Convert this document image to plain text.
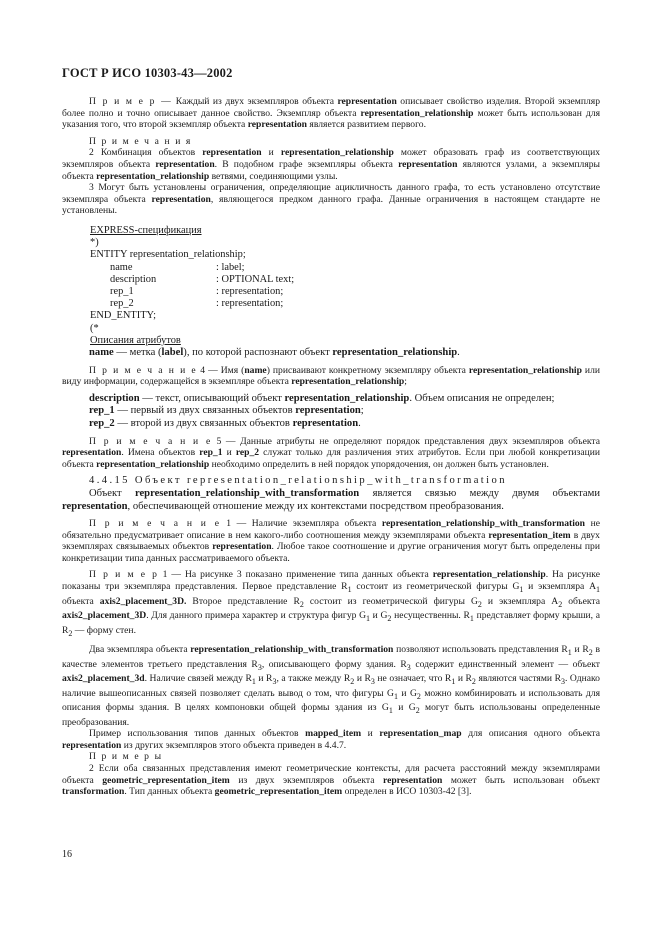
ГОСТ Р ИСО 10303-43—2002

П р и м е р — Каждый из двух экземпляров объекта representation описывает свойство изделия. Второй экземпляр более полно и точно описывает данное свойство. Экземпляр объекта representation_relationship может быть использован для указания того, что второй экземпляр объекта representation является развитием первого.

П р и м е ч а н и я

2 Комбинация объектов representation и representation_relationship может образовать граф из соответствующих экземпляров объекта representation. В подобном графе экземпляры объекта representation являются узлами, а экземпляры объекта representation_relationship ветвями, соединяющими узлы.

3 Могут быть установлены ограничения, определяющие ацикличность данного графа, то есть установлено отсутствие экземпляра объекта representation, являющегося предком данного графа. Данные ограничения в настоящем стандарте не установлены.

EXPRESS-спецификация
*)
ENTITY representation_relationship;
name	: label;
description	: OPTIONAL text;
rep_1	: representation;
rep_2	: representation;
END_ENTITY;
(*
Описания атрибутов

name — метка (label), по которой распознают объект representation_relationship.

П р и м е ч а н и е 4 — Имя (name) присваивают конкретному экземпляру объекта representation_relationship или виду информации, содержащейся в экземпляре объекта representation_relationship;

description — текст, описывающий объект representation_relationship. Объем описания не определен;

rep_1 — первый из двух связанных объектов representation;

rep_2 — второй из двух связанных объектов representation.

П р и м е ч а н и е 5 — Данные атрибуты не определяют порядок представления двух экземпляров объекта representation. Имена объектов rep_1 и rep_2 служат только для различения этих атрибутов. Если при любой конкретизации объекта representation_relationship необходимо определить в ней порядок упорядочения, он должен быть установлен.

4.4.15 Объект representation_relationship_with_transformation

Объект representation_relationship_with_transformation является связью между двумя объектами representation, обеспечивающей отношение между их контекстами посредством преобразования.

П р и м е ч а н и е 1 — Наличие экземпляра объекта representation_relationship_with_transformation не обязательно предусматривает описание в нем какого-либо соотношения между экземплярами объекта representation_item в двух экземплярах связываемых объектов representation. Любое такое соотношение и другие ограничения могут быть определены при конкретизации типа данных рассматриваемого объекта.

П р и м е р 1 — На рисунке 3 показано применение типа данных объекта representation_relationship. На рисунке показаны три экземпляра представления. Первое представление $R_1$ состоит из геометрической фигуры $G_1$ и экземпляра $A_1$ объекта axis2_placement_3D. Второе представление $R_2$ состоит из геометрической фигуры $G_2$ и экземпляра $A_2$ объекта axis2_placement_3D. Для данного примера характер и структура фигур $G_1$ и $G_2$ несущественны. $R_1$ представляет форму крыши, а $R_2$ — форму стен.

Два экземпляра объекта representation_relationship_with_transformation позволяют использовать представления $R_1$ и $R_2$ в качестве элементов третьего представления $R_3$, описывающего форму здания. $R_3$ содержит единственный элемент — объект axis2_placement_3d. Наличие связей между $R_1$ и $R_3$, а также между $R_2$ и $R_3$ не означает, что $R_1$ и $R_2$ являются частями $R_3$. Однако наличие вышеописанных связей позволяет сделать вывод о том, что фигуры $G_1$ и $G_2$ можно комбинировать и использовать для описания формы здания. В целях компоновки общей формы здания из $G_1$ и $G_2$ могут быть использованы определенные преобразования.

Пример использования типов данных объектов mapped_item и representation_map для описания одного объекта representation из других экземпляров этого объекта приведен в 4.4.7.

П р и м е р ы

2 Если оба связанных представления имеют геометрические контексты, для расчета расстояний между экземплярами объекта geometric_representation_item из двух экземпляров объекта representation может быть использован объект transformation. Тип данных объекта geometric_representation_item определен в ИСО 10303-42 [3].

16
